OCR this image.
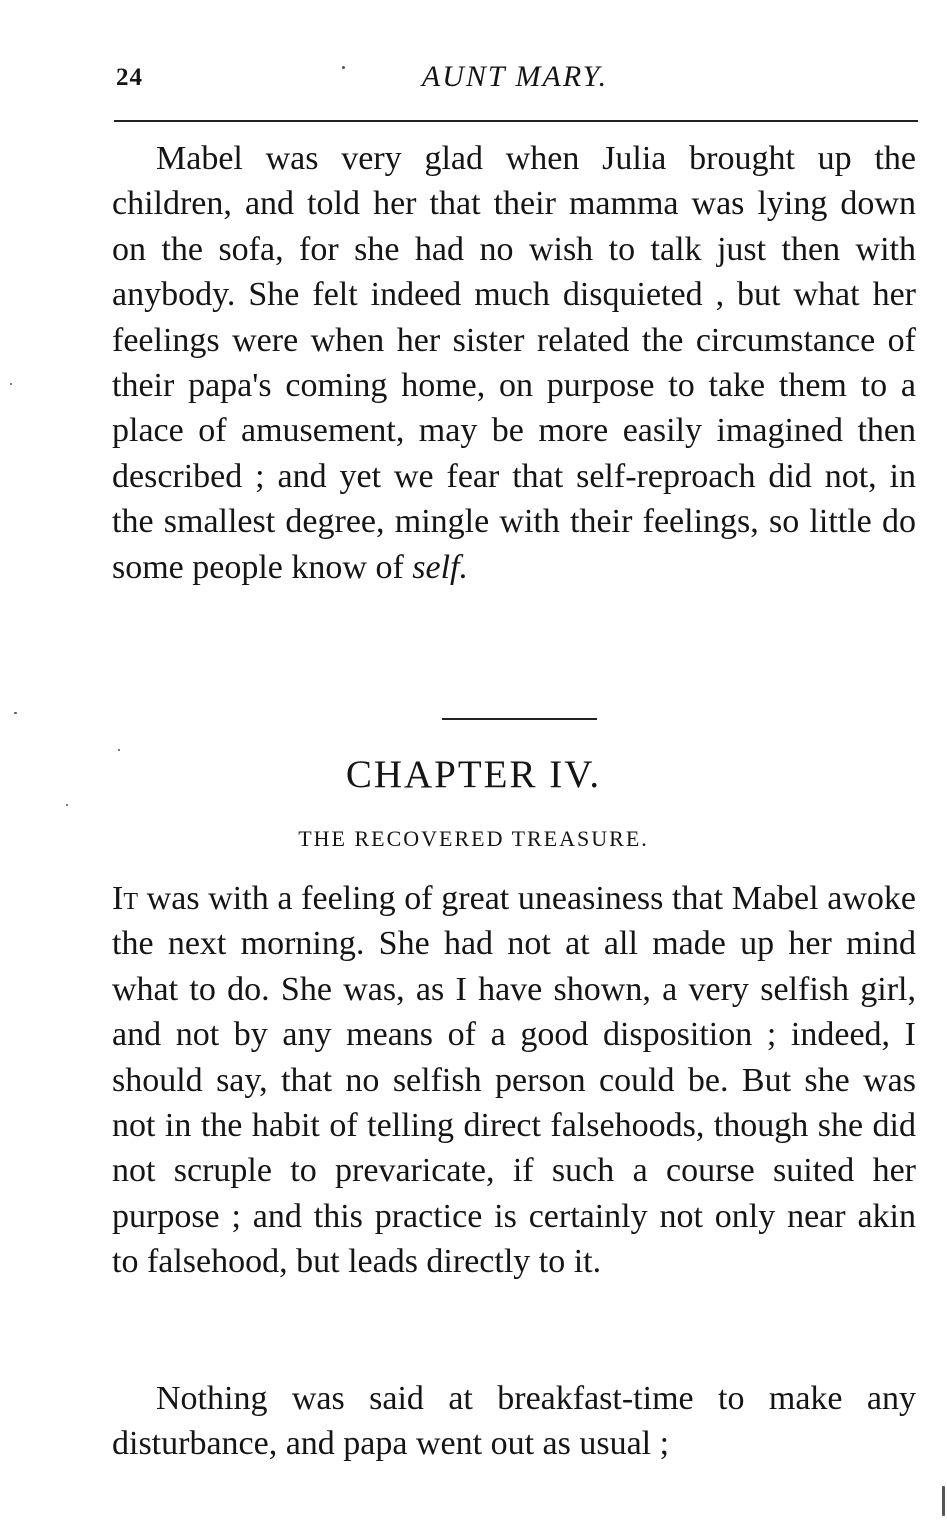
24	AUNT MARY.

Mabel was very glad when Julia brought up the children, and told her that their mamma was lying down on the sofa, for she had no wish to talk just then with anybody. She felt indeed much disquieted , but what her feelings were when her sister related the circumstance of their papa's coming home, on purpose to take them to a place of amusement, may be more easily imagined then described ; and yet we fear that self-reproach did not, in the smallest degree, mingle with their feelings, so little do some people know of self.

CHAPTER IV.
THE RECOVERED TREASURE.

It was with a feeling of great uneasiness that Mabel awoke the next morning. She had not at all made up her mind what to do. She was, as I have shown, a very selfish girl, and not by any means of a good disposition ; indeed, I should say, that no selfish person could be. But she was not in the habit of telling direct falsehoods, though she did not scruple to prevaricate, if such a course suited her purpose ; and this practice is certainly not only near akin to falsehood, but leads directly to it.

Nothing was said at breakfast-time to make any disturbance, and papa went out as usual ;
